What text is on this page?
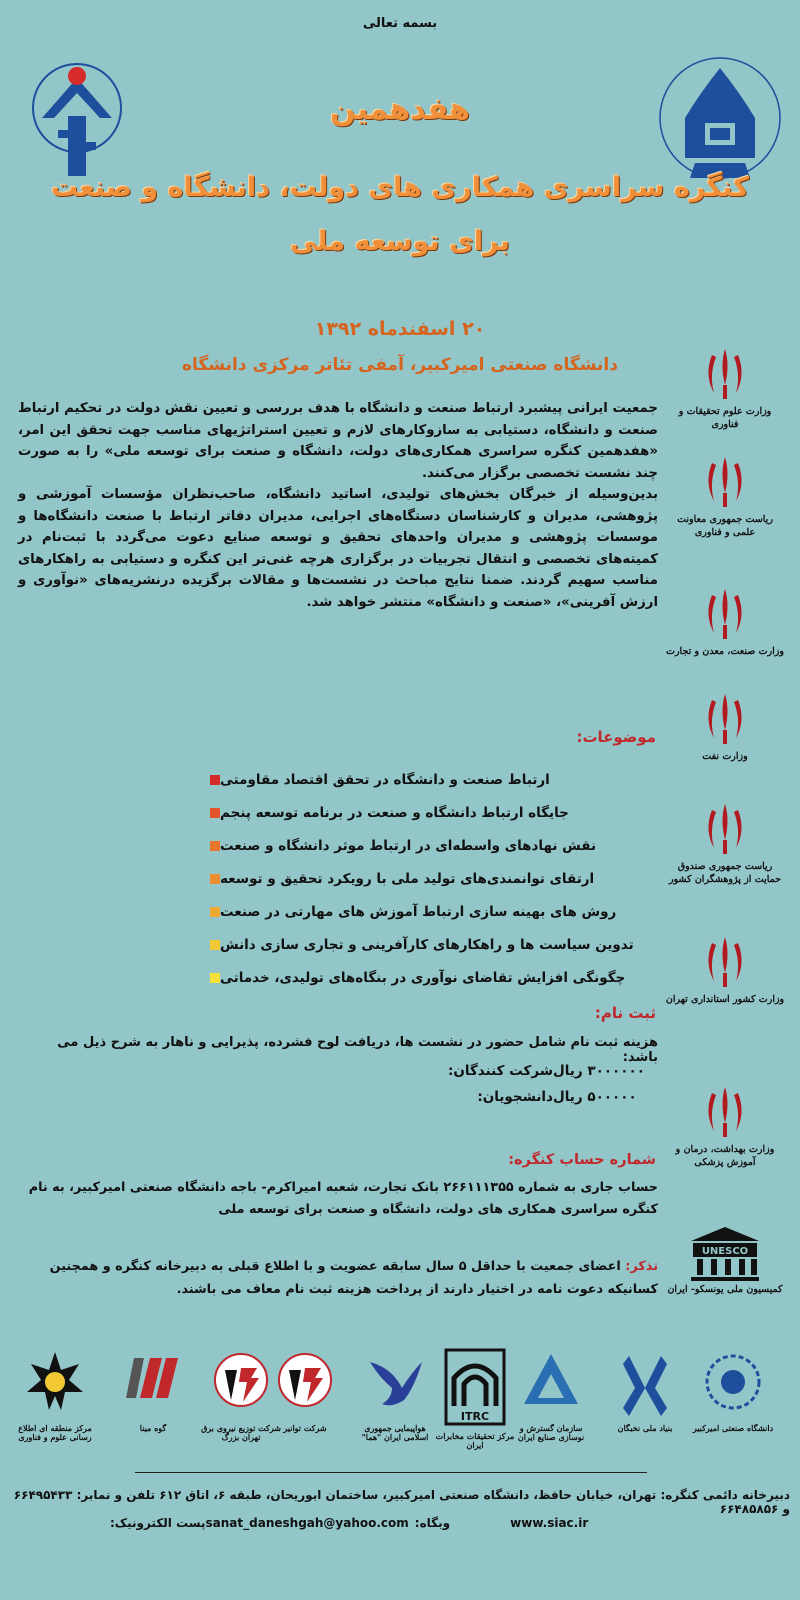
بسمه تعالی
هفدهمین
کنگره سراسری همکاری های دولت، دانشگاه و صنعت
برای توسعه ملی
۲۰ اسفندماه ۱۳۹۲
دانشگاه صنعتی امیرکبیر، آمفی تئاتر مرکزی دانشگاه
وزارت علوم تحقیقات و فناوری
ریاست جمهوری معاونت علمی و فناوری
وزارت صنعت، معدن و تجارت
وزارت نفت
ریاست جمهوری صندوق حمایت از پژوهشگران کشور
وزارت کشور استانداری تهران
وزارت بهداشت، درمان و آموزش پزشکی
UNESCO
کمیسیون ملی یونسکو- ایران

جمعیت ایرانی پیشبرد ارتباط صنعت و دانشگاه با هدف بررسی و تعیین نقش دولت در تحکیم ارتباط صنعت و دانشگاه، دستیابی به سازوکارهای لازم و تعیین استراتژیهای مناسب جهت تحقق این امر، «هفدهمین کنگره سراسری همکاری‌های دولت، دانشگاه و صنعت برای توسعه ملی» را به صورت چند نشست تخصصی برگزار می‌کنند.

بدین‌وسیله از خبرگان بخش‌های تولیدی، اساتید دانشگاه، صاحب‌نظران مؤسسات آموزشی و پژوهشی، مدیران و کارشناسان دستگاه‌های اجرایی، مدیران دفاتر ارتباط با صنعت دانشگاه‌ها و موسسات پژوهشی و مدیران واحدهای تحقیق و توسعه صنایع دعوت می‌گردد با ثبت‌نام در کمیته‌های تخصصی و انتقال تجربیات در برگزاری هرچه غنی‌تر این کنگره و دستیابی به راهکارهای مناسب سهیم گردند. ضمنا نتایج مباحث در نشست‌ها و مقالات برگزیده درنشریه‌های «نوآوری و ارزش آفرینی»، «صنعت و دانشگاه» منتشر خواهد شد.

موضوعات:
ارتباط صنعت و دانشگاه در تحقق اقتصاد مقاومتی
جایگاه ارتباط دانشگاه و صنعت در برنامه توسعه پنجم
نقش نهادهای واسطه‌ای در ارتباط موثر دانشگاه و صنعت
ارتقای توانمندی‌های تولید ملی با رویکرد تحقیق و توسعه
روش های بهینه سازی ارتباط آموزش های مهارتی در صنعت
تدوین سیاست ها و راهکارهای کارآفرینی و تجاری سازی دانش
چگونگی افزایش تقاضای نوآوری در بنگاه‌های تولیدی، خدماتی
ثبت نام:
هزینه ثبت نام شامل حضور در نشست ها، دریافت لوح فشرده، پذیرایی و ناهار به شرح ذیل می باشد:
شرکت کنندگان: ۳۰۰۰۰۰۰ ریال
دانشجویان: ۵۰۰۰۰۰ ریال
شماره حساب کنگره:
حساب جاری به شماره ۲۶۶۱۱۱۳۵۵ بانک تجارت، شعبه امیراکرم- باجه دانشگاه صنعتی امیرکبیر، به نام کنگره سراسری همکاری های دولت، دانشگاه و صنعت برای توسعه ملی
تذکر: اعضای جمعیت با حداقل ۵ سال سابقه عضویت و با اطلاع قبلی به دبیرخانه کنگره و همچنین کسانیکه دعوت نامه در اختیار دارند از پرداخت هزینه ثبت نام معاف می باشند.
دانشگاه صنعتی امیرکبیر
بنیاد ملی نخبگان
سازمان گسترش و نوسازی صنایع ایران
ITRC
مرکز تحقیقات مخابرات ایران
هواپیمایی جمهوری اسلامی ایران "هما"
شرکت توانیر
شرکت توزیع نیروی برق تهران بزرگ
گوه مینا
مرکز منطقه ای اطلاع رسانی علوم و فناوری
دبیرخانه دائمی کنگره: تهران، خیابان حافظ، دانشگاه صنعتی امیرکبیر، ساختمان ابوریحان، طبقه ۶، اتاق ۶۱۲ تلفن و نمابر: ۶۶۴۹۵۴۳۳ و ۶۶۴۸۵۸۵۶
پست الکترونیک: sanat_daneshgah@yahoo.com وبگاه:	www.siac.ir
